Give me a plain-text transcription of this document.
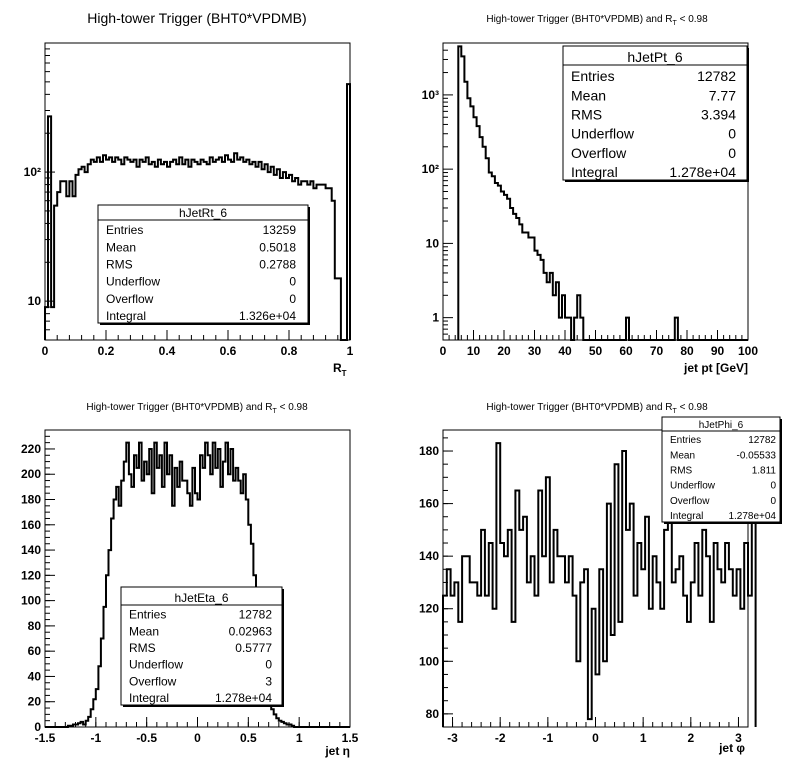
High-tower Trigger (BHT0*VPDMB)
0	0.2	0.4	0.6	0.8	1
10
10²
$R_T$
hJetRt_6
Entries	13259
Mean	0.5018
RMS	0.2788
Underflow	0
Overflow	0
Integral	1.326e+04
High-tower Trigger (BHT0*VPDMB) and $R_T < 0.98$
0 10 20 30 40 50 60 70 80 90 100
1
10
10²
10³
jet pt [GeV]
hJetPt_6
Entries	12782
Mean	7.77
RMS	3.394
Underflow	0
Overflow	0
Integral	1.278e+04
High-tower Trigger (BHT0*VPDMB) and $R_T < 0.98$
-1.5	-1	-0.5	0	0.5	1	1.5
0
20
40
60
80
100
120
140
160
180
200
220
jet η
hJetEta_6
Entries	12782
Mean	0.02963
RMS	0.5777
Underflow	0
Overflow	3
Integral	1.278e+04
High-tower Trigger (BHT0*VPDMB) and $R_T < 0.98$
-3	-2	-1	0	1	2	3
80
100
120
140
160
180
jet φ
hJetPhi_6
Entries	12782
Mean	-0.05533
RMS	1.811
Underflow	0
Overflow	0
Integral	1.278e+04
